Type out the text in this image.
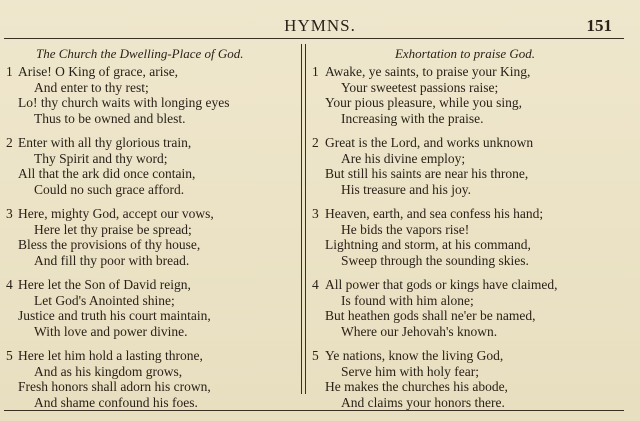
HYMNS.	151
The Church the Dwelling-Place of God.
1 Arise! O King of grace, arise,
And enter to thy rest;
Lo! thy church waits with longing eyes
Thus to be owned and blest.
2 Enter with all thy glorious train,
Thy Spirit and thy word;
All that the ark did once contain,
Could no such grace afford.
3 Here, mighty God, accept our vows,
Here let thy praise be spread;
Bless the provisions of thy house,
And fill thy poor with bread.
4 Here let the Son of David reign,
Let God's Anointed shine;
Justice and truth his court maintain,
With love and power divine.
5 Here let him hold a lasting throne,
And as his kingdom grows,
Fresh honors shall adorn his crown,
And shame confound his foes.
Exhortation to praise God.
1 Awake, ye saints, to praise your King,
Your sweetest passions raise;
Your pious pleasure, while you sing,
Increasing with the praise.
2 Great is the Lord, and works unknown
Are his divine employ;
But still his saints are near his throne,
His treasure and his joy.
3 Heaven, earth, and sea confess his hand;
He bids the vapors rise!
Lightning and storm, at his command,
Sweep through the sounding skies.
4 All power that gods or kings have claimed,
Is found with him alone;
But heathen gods shall ne'er be named,
Where our Jehovah's known.
5 Ye nations, know the living God,
Serve him with holy fear;
He makes the churches his abode,
And claims your honors there.
